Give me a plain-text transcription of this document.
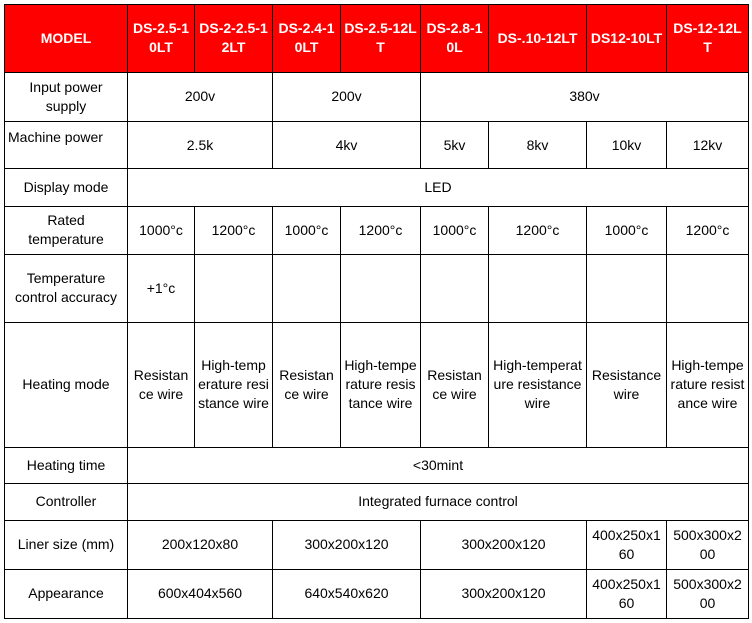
MODEL	DS-2.5-10LT	DS-2-2.5-12LT	DS-2.4-10LT	DS-2.5-12LT	DS-2.8-10L	DS-.10-12LT	DS12-10LT	DS-12-12LT
Input power supply	200v		200v		380v			
Machine power	2.5k		4kv		5kv	8kv	10kv	12kv
Display mode	LED							
Rated temperature	1000°c	1200°c	1000°c	1200°c	1000°c	1200°c	1000°c	1200°c
Temperature control accuracy	+1°c							
Heating mode	Resistance wire	High-temperature resistance wire	Resistance wire	High-temperature resistance wire	Resistance wire	High-temperature resistance wire	Resistance wire	High-temperature resistance wire
Heating time	<30mint							
Controller	Integrated furnace control							
Liner size (mm)	200x120x80		300x200x120		300x200x120		400x250x160	500x300x200
Appearance	600x404x560		640x540x620		300x200x120		400x250x160	500x300x200
